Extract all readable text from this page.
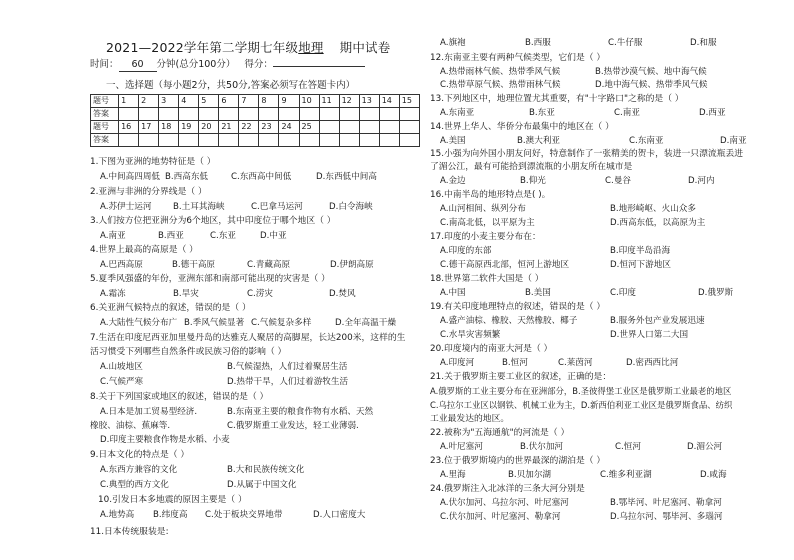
2021—2022学年第二学期七年级地理 期中试卷
时间： 60 分钟(总分100分） 得分：
一、选择题（每小题2分，共50分,答案必须写在答题卡内）
题号	1	2	3	4	5	6	7	8	9	10	11	12	13	14	15
答案															
题号	16	17	18	19	20	21	22	23	24	25					
答案															
1.下图为亚洲的地势特征是（ ）
A.中间高四周低 B.西高东低	C.东西高中间低	D.东西低中间高
2.亚洲与非洲的分界线是（ ）
A.苏伊士运河	B.土耳其海峡	C.巴拿马运河	D.白令海峡
3.人们按方位把亚洲分为6个地区，其中印度位于哪个地区（ ）
A.南亚	B.西亚	C.东亚	D.中亚
4.世界上最高的高原是（ ）
A.巴西高原	B.德干高原	C.青藏高原	D.伊朗高原
5.夏季风强盛的年份，亚洲东部和南部可能出现的灾害是（ ）
A.霜冻	B.旱灾	C.涝灾	D.焚风
6.关亚洲气候特点的叙述，错误的是（ ）
A.大陆性气候分布广 B.季风气候显著 C.气候复杂多样	D.全年高温干燥
7.生活在印度尼西亚加里曼丹岛的达雅克人聚居的高脚屋，长达200米，这样的生
活习惯受下列哪些自然条件或民族习俗的影响（ ）
A.山坡地区	B.气候湿热，人们过着聚居生活
C.气候严寒	D.热带干旱，人们过着游牧生活
8.关于下列国家或地区的叙述，错误的是（ ）
A.日本是加工贸易型经济.	B.东南亚主要的粮食作物有水稻、天然
橡胶、油棕、蕉麻等.	C.俄罗斯重工业发达，轻工业薄弱.
D.印度主要粮食作物是水稻、小麦
9.日本文化的特点是（ ）
A.东西方兼容的文化	B.大和民族传统文化
C.典型的西方文化	D.从属于中国文化
10.引发日本多地震的原因主要是（ ）
A.地势高 B.纬度高 C.处于板块交界地带	D.人口密度大
11.日本传统服装是:
A.旗袍	B.西服	C.牛仔服	D.和服
12.东南亚主要有两种气候类型，它们是（ ）
A.热带雨林气候、热带季风气候	B.热带沙漠气候、地中海气候
C.热带草原气候、热带雨林气候	D.地中海气候、热带季风气候
13.下列地区中，地理位置尤其重要，有"十字路口"之称的是（ ）
A.东南亚	B.东亚	C.南亚	D.西亚
14.世界上华人、华侨分布最集中的地区在（ ）
A.美国	B.澳大利亚	C.东南亚	D.南亚
15.小强为向外国小朋友问好，特意制作了一张精美的贺卡，装进一只漂流瓶丢进
了湄公江，最有可能拾到漂流瓶的小朋友所在城市是
A.金边	B.仰光	C.曼谷	D.河内
16.中南半岛的地形特点是( )。
A.山河相间、纵列分布	B.地形崎岖、火山众多
C.南高北低，以平原为主	D.西高东低，以高原为主
17.印度的小麦主要分布在：
A.印度的东部	B.印度半岛沿海
C.德干高原西北部，恒河上游地区	D.恒河下游地区
18.世界第二软件大国是（ ）
A.中国	B.美国	C.印度	D.俄罗斯
19.有关印度地理特点的叙述，错误的是（ ）
A.盛产油棕、橡胶、天然橡胶、椰子	B.服务外包产业发展迅速
C.水旱灾害频繁	D.世界人口第二大国
20.印度境内的南亚大河是（ ）
A.印度河	B.恒河	C.莱茵河	D.密西西比河
21.关于俄罗斯主要工业区的叙述，正确的是：
A.俄罗斯的工业主要分布在亚洲部分，B.圣彼得堡工业区是俄罗斯工业最老的地区
C.乌拉尔工业区以钢铁、机械工业为主，D.新西伯利亚工业区是俄罗斯食品、纺织
工业最发达的地区。
22.被称为"五海通航"的河流是（ ）
A.叶尼塞河	B.伏尔加河	C.恒河	D.湄公河
23.位于俄罗斯境内的世界最深的湖泊是（ ）
A.里海	B.贝加尔湖	C.维多利亚湖	D.咸海
24.俄罗斯注入北冰洋的三条大河分别是
A.伏尔加河、乌拉尔河、叶尼塞河	B.鄂毕河、叶尼塞河、勒拿河
C.伏尔加河、叶尼塞河、勒拿河	D.乌拉尔河、鄂毕河、多瑙河
